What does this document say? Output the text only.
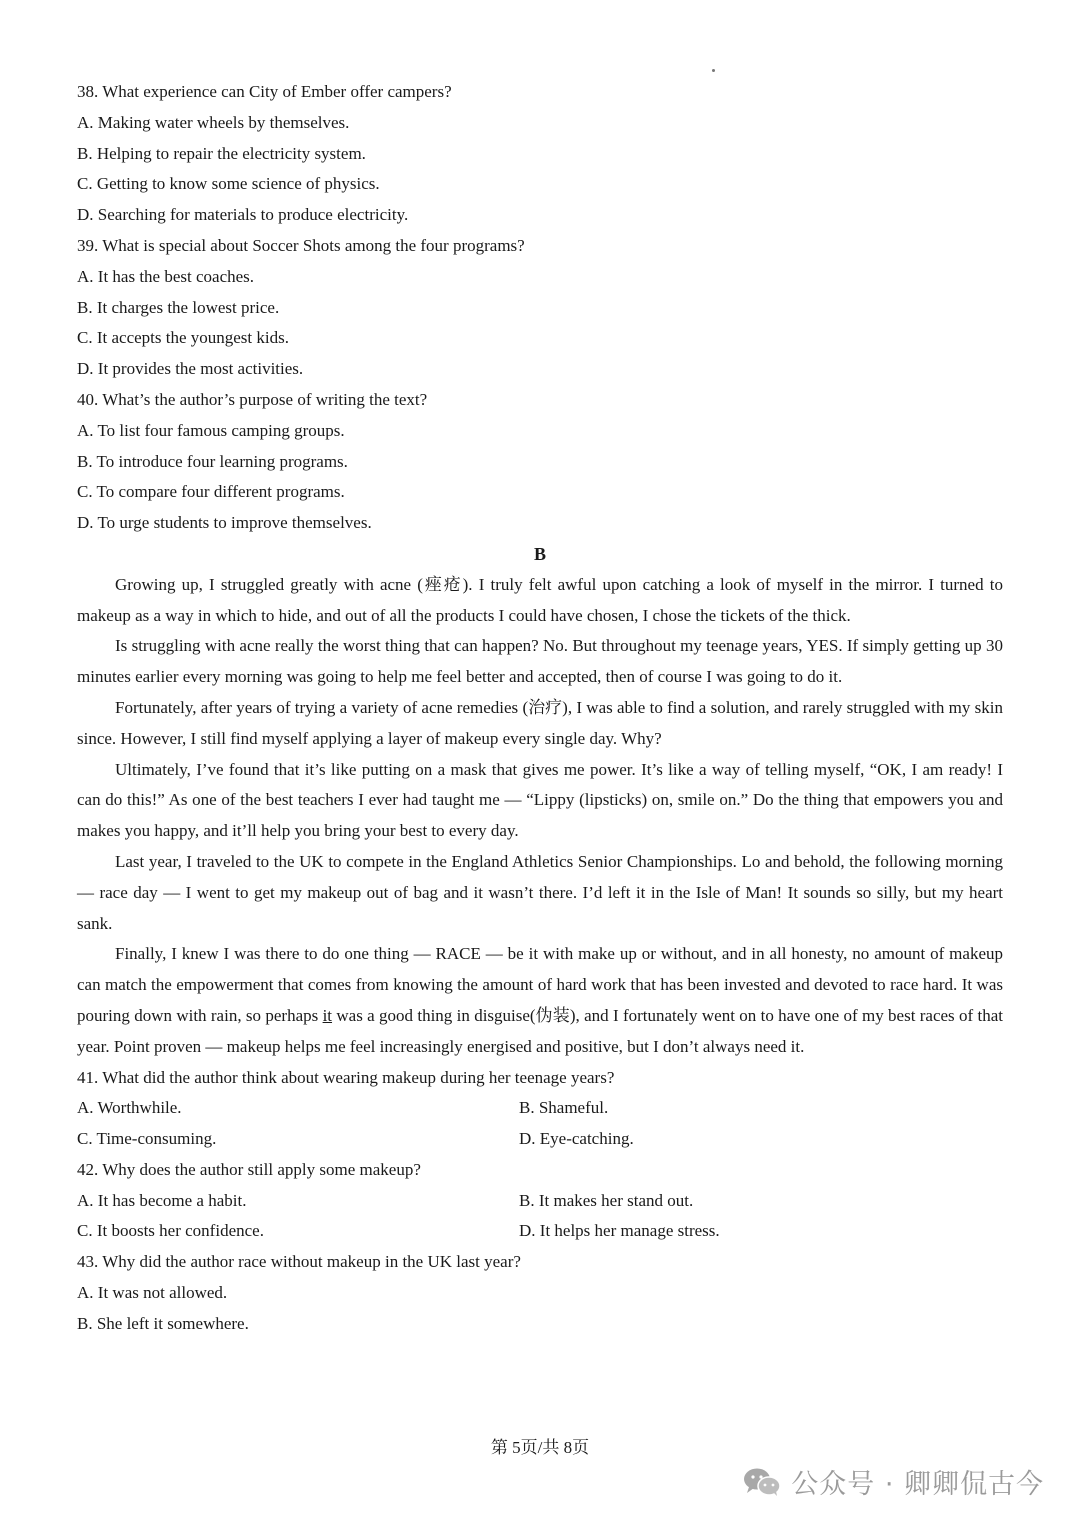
38. What experience can City of Ember offer campers?
A. Making water wheels by themselves.
B. Helping to repair the electricity system.
C. Getting to know some science of physics.
D. Searching for materials to produce electricity.
39. What is special about Soccer Shots among the four programs?
A. It has the best coaches.
B. It charges the lowest price.
C. It accepts the youngest kids.
D. It provides the most activities.
40. What’s the author’s purpose of writing the text?
A. To list four famous camping groups.
B. To introduce four learning programs.
C. To compare four different programs.
D. To urge students to improve themselves.
B
Growing up, I struggled greatly with acne (痤疮). I truly felt awful upon catching a look of myself in the mirror. I turned to makeup as a way in which to hide, and out of all the products I could have chosen, I chose the tickets of the thick.
Is struggling with acne really the worst thing that can happen? No. But throughout my teenage years, YES. If simply getting up 30 minutes earlier every morning was going to help me feel better and accepted, then of course I was going to do it.
Fortunately, after years of trying a variety of acne remedies (治疗), I was able to find a solution, and rarely struggled with my skin since. However, I still find myself applying a layer of makeup every single day. Why?
Ultimately, I’ve found that it’s like putting on a mask that gives me power. It’s like a way of telling myself, “OK, I am ready! I can do this!” As one of the best teachers I ever had taught me — “Lippy (lipsticks) on, smile on.” Do the thing that empowers you and makes you happy, and it’ll help you bring your best to every day.
Last year, I traveled to the UK to compete in the England Athletics Senior Championships. Lo and behold, the following morning — race day — I went to get my makeup out of bag and it wasn’t there. I’d left it in the Isle of Man! It sounds so silly, but my heart sank.
Finally, I knew I was there to do one thing — RACE — be it with make up or without, and in all honesty, no amount of makeup can match the empowerment that comes from knowing the amount of hard work that has been invested and devoted to race hard. It was pouring down with rain, so perhaps it was a good thing in disguise(伪装), and I fortunately went on to have one of my best races of that year. Point proven — makeup helps me feel increasingly energised and positive, but I don’t always need it.
41. What did the author think about wearing makeup during her teenage years?
A. Worthwhile.	B. Shameful.
C. Time-consuming.	D. Eye-catching.
42. Why does the author still apply some makeup?
A. It has become a habit.	B. It makes her stand out.
C. It boosts her confidence.	D. It helps her manage stress.
43. Why did the author race without makeup in the UK last year?
A. It was not allowed.
B. She left it somewhere.
第 5页/共 8页
公众号 · 卿卿侃古今
